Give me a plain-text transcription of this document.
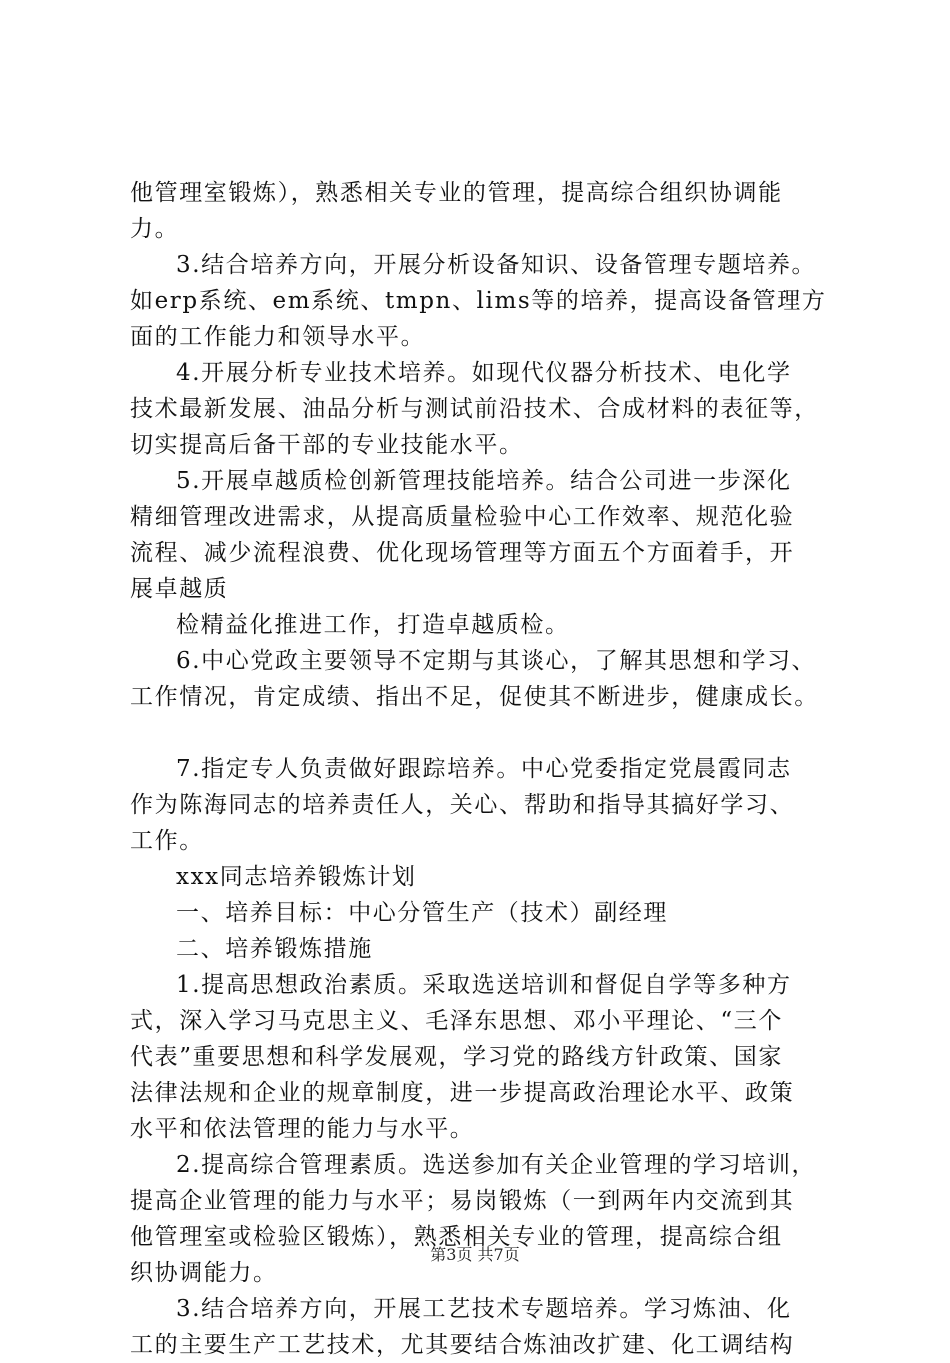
他管理室锻炼），熟悉相关专业的管理，提高综合组织协调能
力。
3.结合培养方向，开展分析设备知识、设备管理专题培养。
如erp系统、em系统、tmpn、lims等的培养，提高设备管理方
面的工作能力和领导水平。
4.开展分析专业技术培养。如现代仪器分析技术、电化学
技术最新发展、油品分析与测试前沿技术、合成材料的表征等，
切实提高后备干部的专业技能水平。
5.开展卓越质检创新管理技能培养。结合公司进一步深化
精细管理改进需求，从提高质量检验中心工作效率、规范化验
流程、减少流程浪费、优化现场管理等方面五个方面着手，开
展卓越质
检精益化推进工作，打造卓越质检。
6.中心党政主要领导不定期与其谈心，了解其思想和学习、
工作情况，肯定成绩、指出不足，促使其不断进步，健康成长。
7.指定专人负责做好跟踪培养。中心党委指定党晨霞同志
作为陈海同志的培养责任人，关心、帮助和指导其搞好学习、
工作。
xxx同志培养锻炼计划
一、培养目标：中心分管生产（技术）副经理
二、培养锻炼措施
1.提高思想政治素质。采取选送培训和督促自学等多种方
式，深入学习马克思主义、毛泽东思想、邓小平理论、“三个
代表”重要思想和科学发展观，学习党的路线方针政策、国家
法律法规和企业的规章制度，进一步提高政治理论水平、政策
水平和依法管理的能力与水平。
2.提高综合管理素质。选送参加有关企业管理的学习培训，
提高企业管理的能力与水平；易岗锻炼（一到两年内交流到其
他管理室或检验区锻炼），熟悉相关专业的管理，提高综合组
织协调能力。
3.结合培养方向，开展工艺技术专题培养。学习炼油、化
工的主要生产工艺技术，尤其要结合炼油改扩建、化工调结构
第3页 共7页
